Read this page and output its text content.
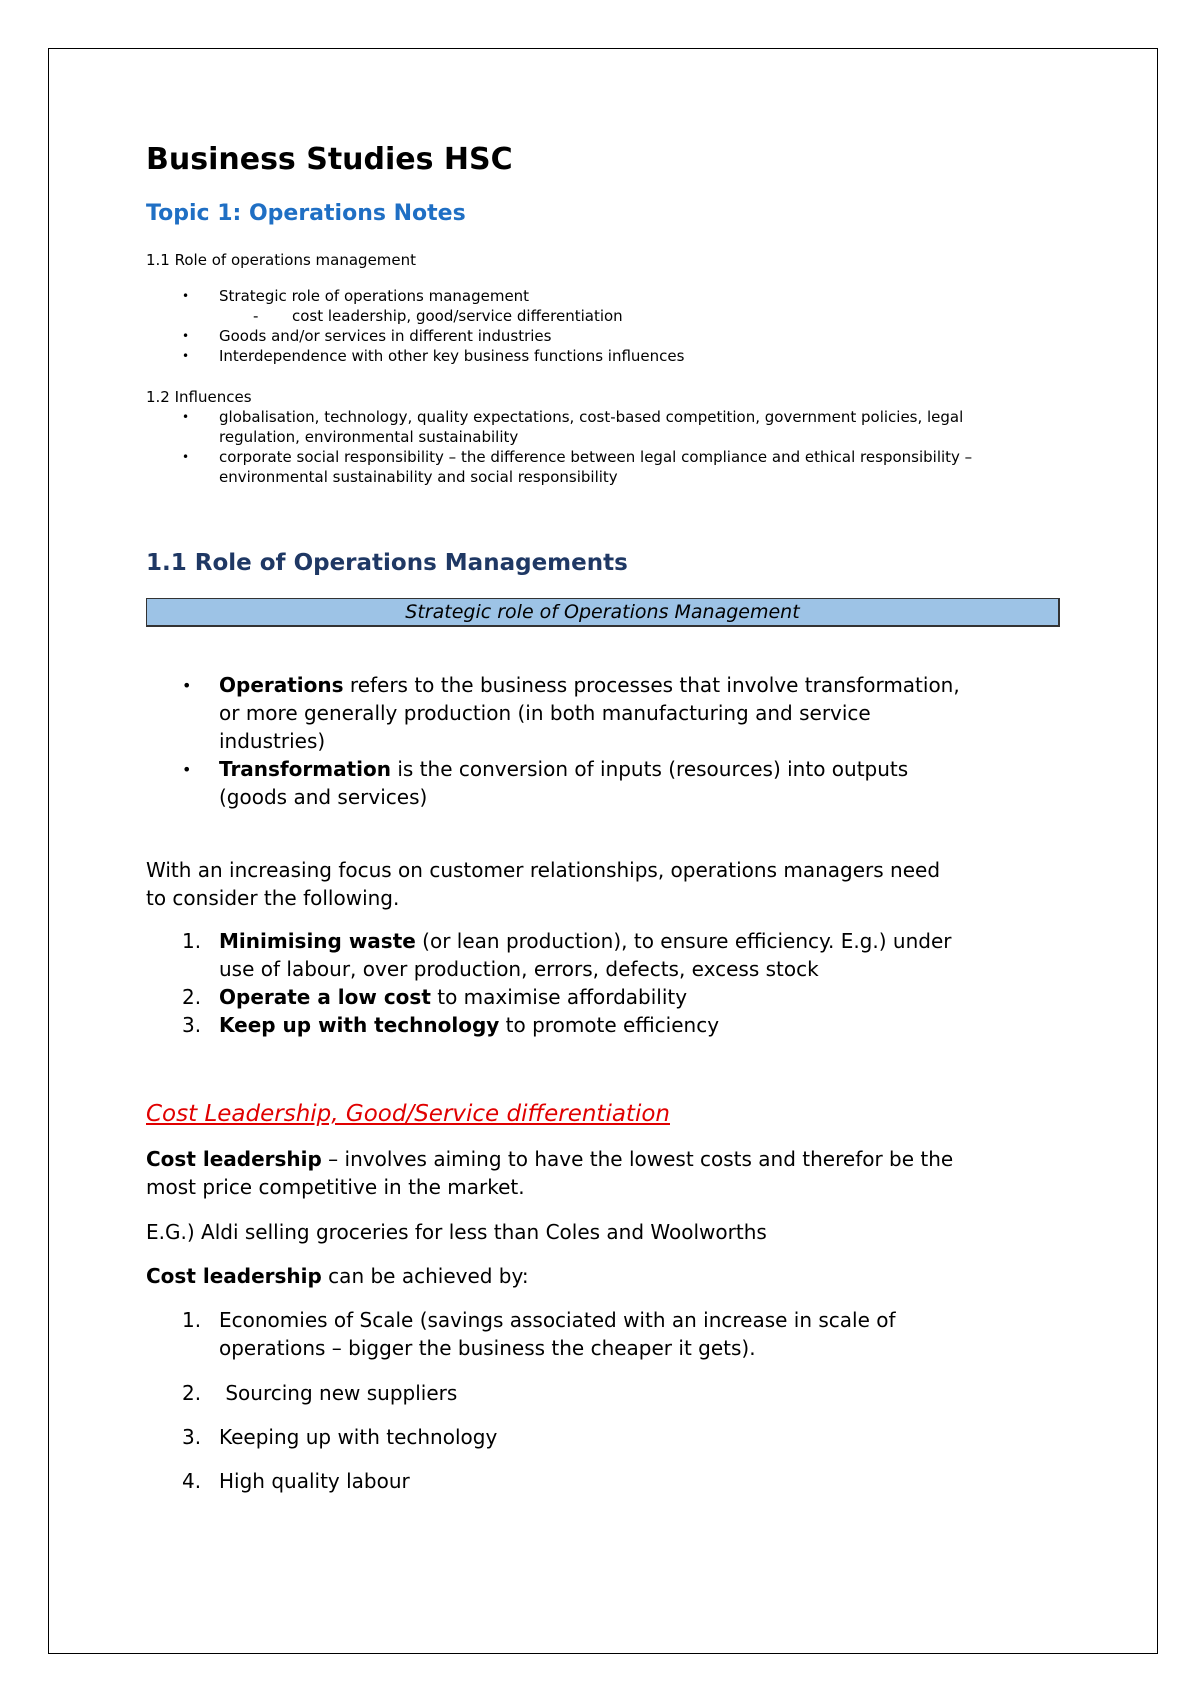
Business Studies HSC
Topic 1: Operations Notes
1.1 Role of operations management
• Strategic role of operations management
- cost leadership, good/service differentiation
• Goods and/or services in different industries
• Interdependence with other key business functions influences
1.2 Influences
• globalisation, technology, quality expectations, cost-based competition, government policies, legal
regulation, environmental sustainability
• corporate social responsibility – the difference between legal compliance and ethical responsibility –
environmental sustainability and social responsibility
1.1 Role of Operations Managements
Strategic role of Operations Management
• Operations refers to the business processes that involve transformation,
or more generally production (in both manufacturing and service
industries)
• Transformation is the conversion of inputs (resources) into outputs
(goods and services)
With an increasing focus on customer relationships, operations managers need
to consider the following.
1. Minimising waste (or lean production), to ensure efficiency. E.g.) under
use of labour, over production, errors, defects, excess stock
2. Operate a low cost to maximise affordability
3. Keep up with technology to promote efficiency
Cost Leadership, Good/Service differentiation
Cost leadership – involves aiming to have the lowest costs and therefor be the
most price competitive in the market.
E.G.) Aldi selling groceries for less than Coles and Woolworths
Cost leadership can be achieved by:
1. Economies of Scale (savings associated with an increase in scale of
operations – bigger the business the cheaper it gets).
2. Sourcing new suppliers
3. Keeping up with technology
4. High quality labour
